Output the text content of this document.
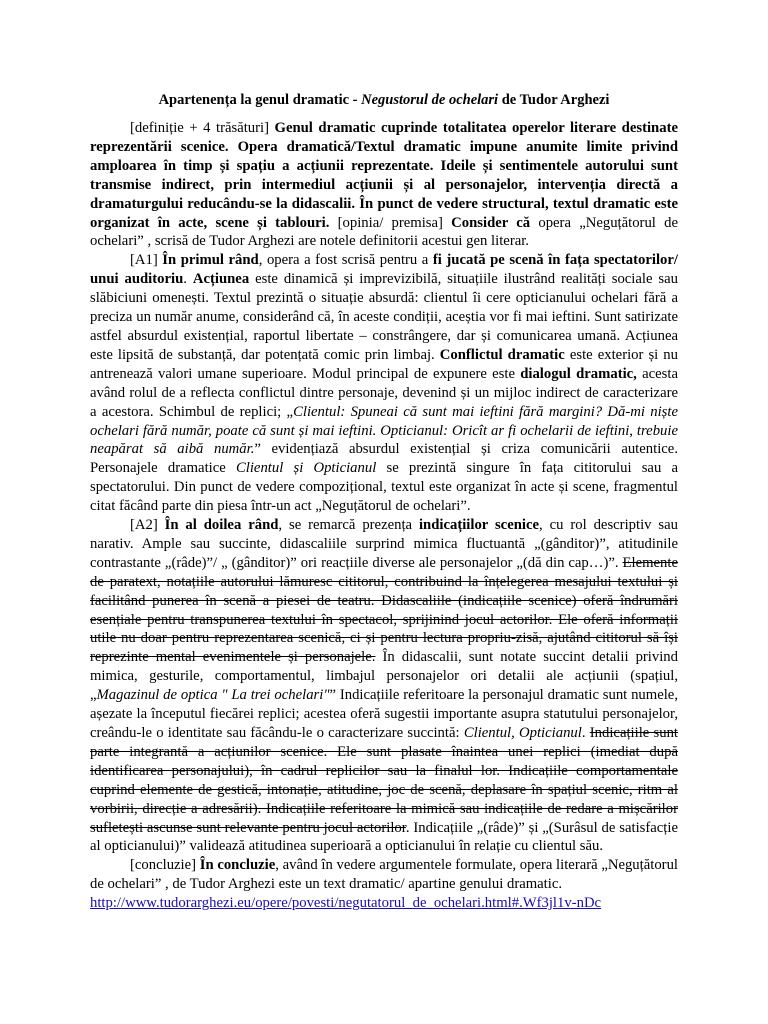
Apartenența la genul dramatic - Negustorul de ochelari de Tudor Arghezi

[definiție + 4 trăsături] Genul dramatic cuprinde totalitatea operelor literare destinate reprezentării scenice. Opera dramatică/Textul dramatic impune anumite limite privind amploarea în timp și spațiu a acțiunii reprezentate. Ideile și sentimentele autorului sunt transmise indirect, prin intermediul acțiunii și al personajelor, intervenția directă a dramaturgului reducându-se la didascalii. În punct de vedere structural, textul dramatic este organizat în acte, scene și tablouri. [opinia/ premisa] Consider că opera „Neguțătorul de ochelari” , scrisă de Tudor Arghezi are notele definitorii acestui gen literar.

[A1] În primul rând, opera a fost scrisă pentru a fi jucată pe scenă în fața spectatorilor/ unui auditoriu. Acțiunea este dinamică și imprevizibilă, situațiile ilustrând realități sociale sau slăbiciuni omenești. Textul prezintă o situație absurdă: clientul îi cere opticianului ochelari fără a preciza un număr anume, considerând că, în aceste condiții, aceștia vor fi mai ieftini. Sunt satirizate astfel absurdul existențial, raportul libertate – constrângere, dar și comunicarea umană. Acțiunea este lipsită de substanță, dar potențată comic prin limbaj. Conflictul dramatic este exterior și nu antrenează valori umane superioare. Modul principal de expunere este dialogul dramatic, acesta având rolul de a reflecta conflictul dintre personaje, devenind și un mijloc indirect de caracterizare a acestora. Schimbul de replici; „Clientul: Spuneai că sunt mai ieftini fără margini? Dă-mi niște ochelari fără număr, poate că sunt și mai ieftini. Opticianul: Oricît ar fi ochelarii de ieftini, trebuie neapărat să aibă număr.” evidențiază absurdul existențial și criza comunicării autentice. Personajele dramatice Clientul și Opticianul se prezintă singure în fața cititorului sau a spectatorului. Din punct de vedere compozițional, textul este organizat în acte și scene, fragmentul citat făcând parte din piesa într-un act „Neguțătorul de ochelari”.

[A2] În al doilea rând, se remarcă prezența indicațiilor scenice, cu rol descriptiv sau narativ. Ample sau succinte, didascaliile surprind mimica fluctuantă „(gânditor)”, atitudinile contrastante „(râde)”/ „ (gânditor)” ori reacțiile diverse ale personajelor „(dă din cap…)”. Elemente de paratext, notațiile autorului lămuresc cititorul, contribuind la înțelegerea mesajului textului și facilitând punerea în scenă a piesei de teatru. Didascaliile (indicațiile scenice) oferă îndrumări esențiale pentru transpunerea textului în spectacol, sprijinind jocul actorilor. Ele oferă informații utile nu doar pentru reprezentarea scenică, ci și pentru lectura propriu-zisă, ajutând cititorul să își reprezinte mental evenimentele și personajele. În didascalii, sunt notate succint detalii privind mimica, gesturile, comportamentul, limbajul personajelor ori detalii ale acțiunii (spațiul, „Magazinul de optica " La trei ochelari"” Indicațiile referitoare la personajul dramatic sunt numele, așezate la începutul fiecărei replici; acestea oferă sugestii importante asupra statutului personajelor, creându-le o identitate sau făcându-le o caracterizare succintă: Clientul, Opticianul. Indicațiile sunt parte integrantă a acțiunilor scenice. Ele sunt plasate înaintea unei replici (imediat după identificarea personajului), în cadrul replicilor sau la finalul lor. Indicațiile comportamentale cuprind elemente de gestică, intonație, atitudine, joc de scenă, deplasare în spațiul scenic, ritm al vorbirii, direcție a adresării). Indicațiile referitoare la mimică sau indicațiile de redare a mișcărilor sufletești ascunse sunt relevante pentru jocul actorilor. Indicațiile „(râde)” și „(Surâsul de satisfacție al opticianului)” validează atitudinea superioară a opticianului în relație cu clientul său.

[concluzie] În concluzie, având în vedere argumentele formulate, opera literară „Neguțătorul de ochelari” , de Tudor Arghezi este un text dramatic/ apartine genului dramatic.

http://www.tudorarghezi.eu/opere/povesti/negutatorul_de_ochelari.html#.Wf3jl1v-nDc
